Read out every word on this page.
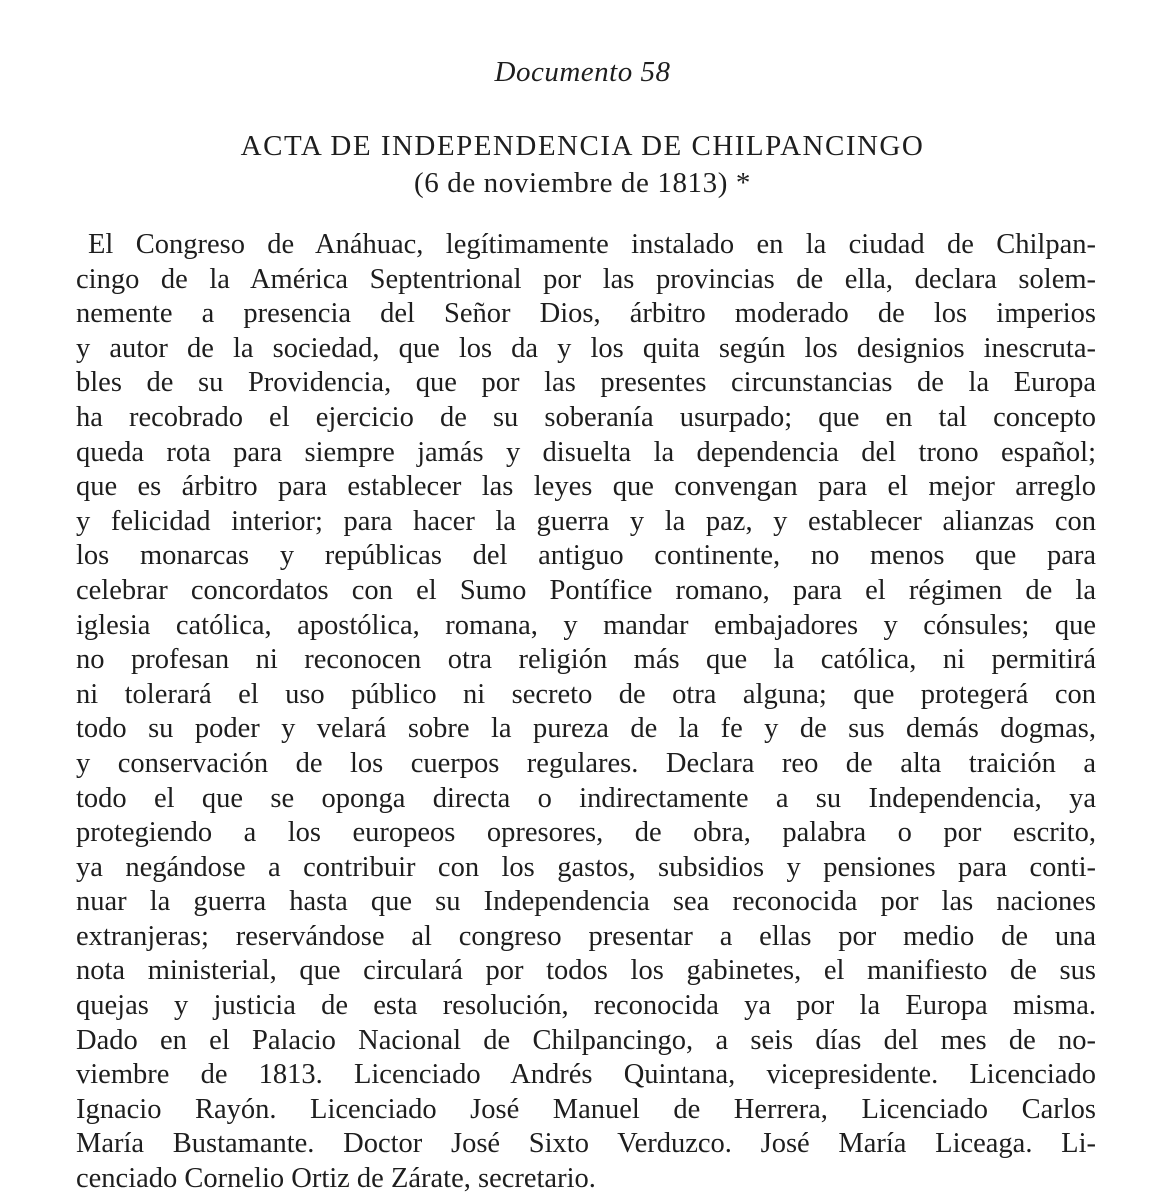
Documento 58
ACTA DE INDEPENDENCIA DE CHILPANCINGO
(6 de noviembre de 1813) *
El Congreso de Anáhuac, legítimamente instalado en la ciudad de Chilpan-
cingo de la América Septentrional por las provincias de ella, declara solem-
nemente a presencia del Señor Dios, árbitro moderado de los imperios
y autor de la sociedad, que los da y los quita según los designios inescruta-
bles de su Providencia, que por las presentes circunstancias de la Europa
ha recobrado el ejercicio de su soberanía usurpado; que en tal concepto
queda rota para siempre jamás y disuelta la dependencia del trono español;
que es árbitro para establecer las leyes que convengan para el mejor arreglo
y felicidad interior; para hacer la guerra y la paz, y establecer alianzas con
los monarcas y repúblicas del antiguo continente, no menos que para
celebrar concordatos con el Sumo Pontífice romano, para el régimen de la
iglesia católica, apostólica, romana, y mandar embajadores y cónsules; que
no profesan ni reconocen otra religión más que la católica, ni permitirá
ni tolerará el uso público ni secreto de otra alguna; que protegerá con
todo su poder y velará sobre la pureza de la fe y de sus demás dogmas,
y conservación de los cuerpos regulares. Declara reo de alta traición a
todo el que se oponga directa o indirectamente a su Independencia, ya
protegiendo a los europeos opresores, de obra, palabra o por escrito,
ya negándose a contribuir con los gastos, subsidios y pensiones para conti-
nuar la guerra hasta que su Independencia sea reconocida por las naciones
extranjeras; reservándose al congreso presentar a ellas por medio de una
nota ministerial, que circulará por todos los gabinetes, el manifiesto de sus
quejas y justicia de esta resolución, reconocida ya por la Europa misma.
Dado en el Palacio Nacional de Chilpancingo, a seis días del mes de no-
viembre de 1813. Licenciado Andrés Quintana, vicepresidente. Licenciado
Ignacio Rayón. Licenciado José Manuel de Herrera, Licenciado Carlos
María Bustamante. Doctor José Sixto Verduzco. José María Liceaga. Li-
cenciado Cornelio Ortiz de Zárate, secretario.
